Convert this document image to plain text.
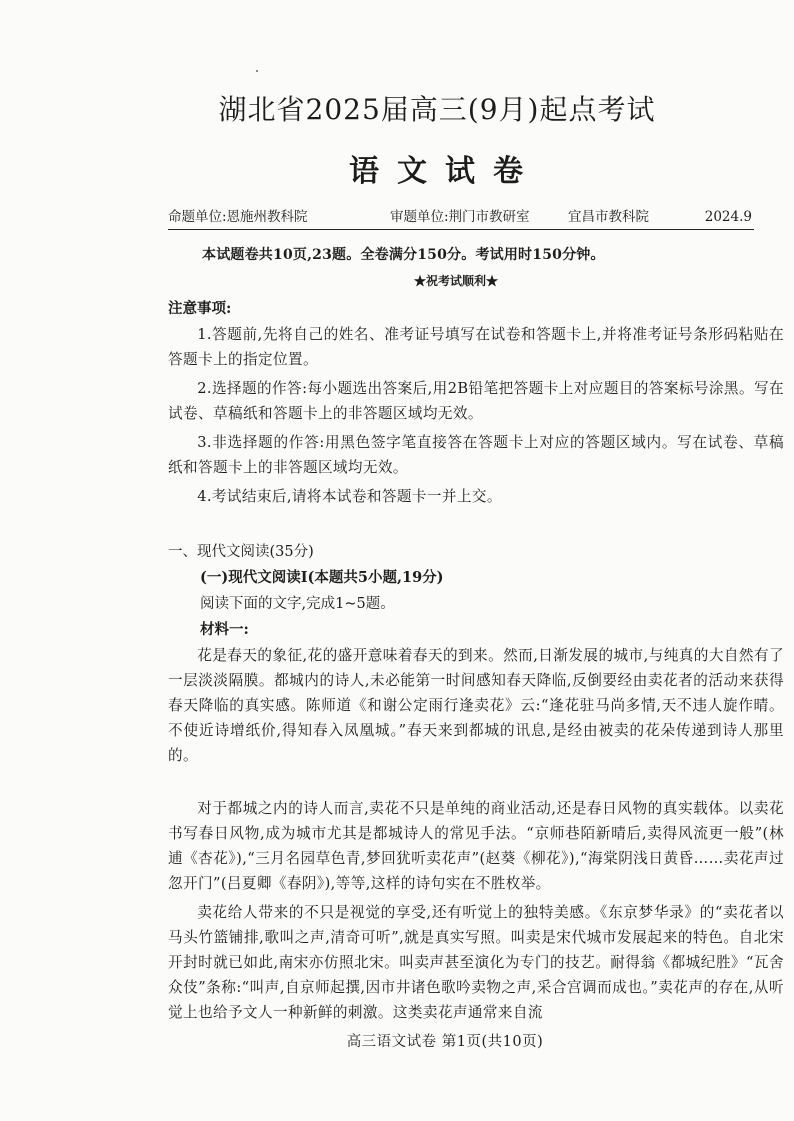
湖北省2025届高三(9月)起点考试
语文试卷
命题单位:恩施州教科院	审题单位:荆门市教研室	宜昌市教科院	2024.9
本试题卷共10页,23题。全卷满分150分。考试用时150分钟。
★祝考试顺利★
注意事项:
1.答题前,先将自己的姓名、准考证号填写在试卷和答题卡上,并将准考证号条形码粘贴在答题卡上的指定位置。
2.选择题的作答:每小题选出答案后,用2B铅笔把答题卡上对应题目的答案标号涂黑。写在试卷、草稿纸和答题卡上的非答题区域均无效。
3.非选择题的作答:用黑色签字笔直接答在答题卡上对应的答题区域内。写在试卷、草稿纸和答题卡上的非答题区域均无效。
4.考试结束后,请将本试卷和答题卡一并上交。
一、现代文阅读(35分)
(一)现代文阅读Ⅰ(本题共5小题,19分)
阅读下面的文字,完成1~5题。
材料一:
花是春天的象征,花的盛开意味着春天的到来。然而,日渐发展的城市,与纯真的大自然有了一层淡淡隔膜。都城内的诗人,未必能第一时间感知春天降临,反倒要经由卖花者的活动来获得春天降临的真实感。陈师道《和谢公定雨行逢卖花》云:“逢花驻马尚多情,天不违人旋作晴。不使近诗增纸价,得知春入凤凰城。”春天来到都城的讯息,是经由被卖的花朵传递到诗人那里的。
对于都城之内的诗人而言,卖花不只是单纯的商业活动,还是春日风物的真实载体。以卖花书写春日风物,成为城市尤其是都城诗人的常见手法。“京师巷陌新晴后,卖得风流更一般”(林逋《杏花》),“三月名园草色青,梦回犹听卖花声”(赵葵《柳花》),“海棠阴浅日黄昏……卖花声过忽开门”(吕夏卿《春阴》),等等,这样的诗句实在不胜枚举。
卖花给人带来的不只是视觉的享受,还有听觉上的独特美感。《东京梦华录》的“卖花者以马头竹篮铺排,歌叫之声,清奇可听”,就是真实写照。叫卖是宋代城市发展起来的特色。自北宋开封时就已如此,南宋亦仿照北宋。叫卖声甚至演化为专门的技艺。耐得翁《都城纪胜》“瓦舍众伎”条称:“叫声,自京师起撰,因市井诸色歌吟卖物之声,采合宫调而成也。”卖花声的存在,从听觉上也给予文人一种新鲜的刺激。这类卖花声通常来自流
高三语文试卷 第1页(共10页)
